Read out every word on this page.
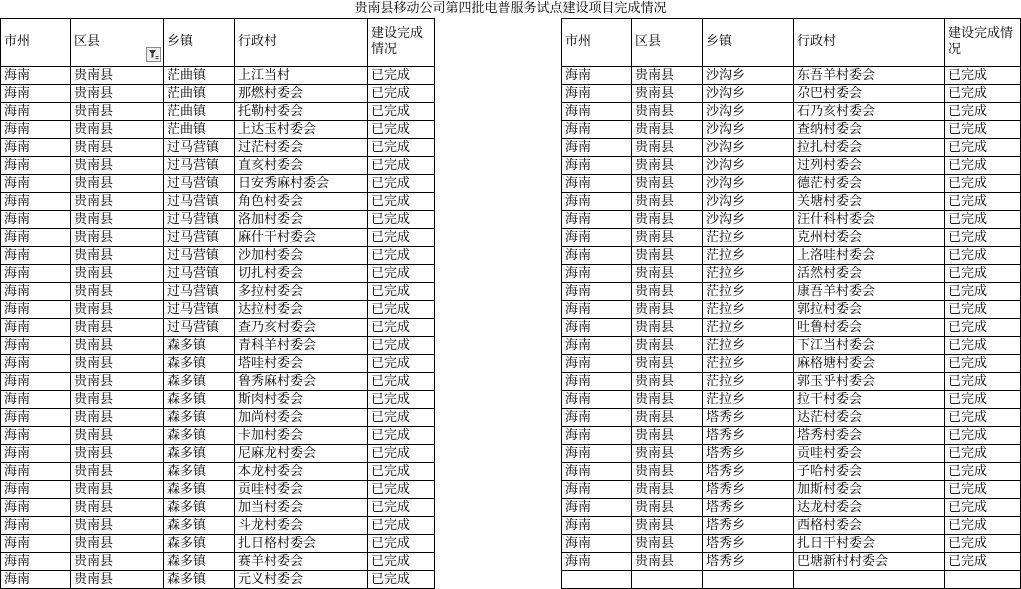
贵南县移动公司第四批电普服务试点建设项目完成情况
市州	区县	乡镇	行政村	建设完成情况
海南	贵南县	茫曲镇	上江当村	已完成
海南	贵南县	茫曲镇	那燃村委会	已完成
海南	贵南县	茫曲镇	托勒村委会	已完成
海南	贵南县	茫曲镇	上达玉村委会	已完成
海南	贵南县	过马营镇	过茫村委会	已完成
海南	贵南县	过马营镇	直亥村委会	已完成
海南	贵南县	过马营镇	日安秀麻村委会	已完成
海南	贵南县	过马营镇	角色村委会	已完成
海南	贵南县	过马营镇	洛加村委会	已完成
海南	贵南县	过马营镇	麻什干村委会	已完成
海南	贵南县	过马营镇	沙加村委会	已完成
海南	贵南县	过马营镇	切扎村委会	已完成
海南	贵南县	过马营镇	多拉村委会	已完成
海南	贵南县	过马营镇	达拉村委会	已完成
海南	贵南县	过马营镇	查乃亥村委会	已完成
海南	贵南县	森多镇	青科羊村委会	已完成
海南	贵南县	森多镇	塔哇村委会	已完成
海南	贵南县	森多镇	鲁秀麻村委会	已完成
海南	贵南县	森多镇	斯肉村委会	已完成
海南	贵南县	森多镇	加尚村委会	已完成
海南	贵南县	森多镇	卡加村委会	已完成
海南	贵南县	森多镇	尼麻龙村委会	已完成
海南	贵南县	森多镇	本龙村委会	已完成
海南	贵南县	森多镇	贡哇村委会	已完成
海南	贵南县	森多镇	加当村委会	已完成
海南	贵南县	森多镇	斗龙村委会	已完成
海南	贵南县	森多镇	扎日格村委会	已完成
海南	贵南县	森多镇	赛羊村委会	已完成
海南	贵南县	森多镇	元义村委会	已完成
市州	区县	乡镇	行政村	建设完成情况
海南	贵南县	沙沟乡	东吾羊村委会	已完成
海南	贵南县	沙沟乡	尕巴村委会	已完成
海南	贵南县	沙沟乡	石乃亥村委会	已完成
海南	贵南县	沙沟乡	查纳村委会	已完成
海南	贵南县	沙沟乡	拉扎村委会	已完成
海南	贵南县	沙沟乡	过列村委会	已完成
海南	贵南县	沙沟乡	德茫村委会	已完成
海南	贵南县	沙沟乡	关塘村委会	已完成
海南	贵南县	沙沟乡	汪什科村委会	已完成
海南	贵南县	茫拉乡	克州村委会	已完成
海南	贵南县	茫拉乡	上洛哇村委会	已完成
海南	贵南县	茫拉乡	活然村委会	已完成
海南	贵南县	茫拉乡	康吾羊村委会	已完成
海南	贵南县	茫拉乡	郭拉村委会	已完成
海南	贵南县	茫拉乡	吐鲁村委会	已完成
海南	贵南县	茫拉乡	下江当村委会	已完成
海南	贵南县	茫拉乡	麻格塘村委会	已完成
海南	贵南县	茫拉乡	郭玉乎村委会	已完成
海南	贵南县	茫拉乡	拉干村委会	已完成
海南	贵南县	塔秀乡	达茫村委会	已完成
海南	贵南县	塔秀乡	塔秀村委会	已完成
海南	贵南县	塔秀乡	贡哇村委会	已完成
海南	贵南县	塔秀乡	子哈村委会	已完成
海南	贵南县	塔秀乡	加斯村委会	已完成
海南	贵南县	塔秀乡	达龙村委会	已完成
海南	贵南县	塔秀乡	西格村委会	已完成
海南	贵南县	塔秀乡	扎日干村委会	已完成
海南	贵南县	塔秀乡	巴塘新村村委会	已完成
